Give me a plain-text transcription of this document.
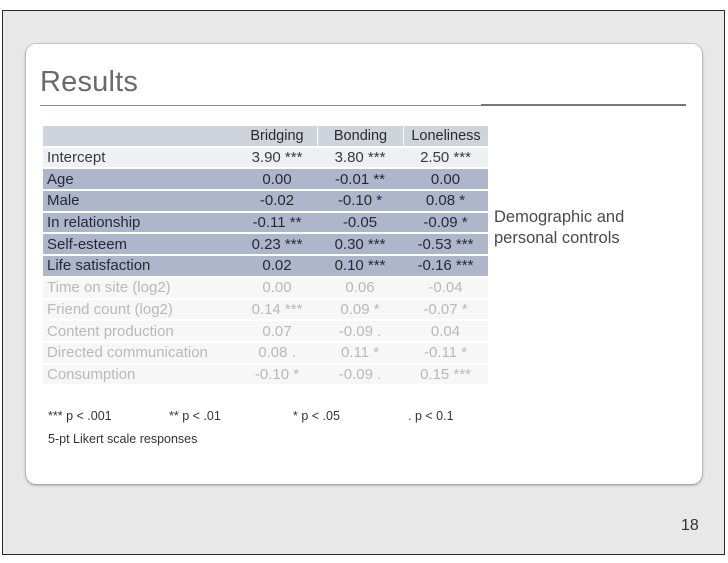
Results
	Bridging	Bonding	Loneliness
Intercept	3.90 ***	3.80 ***	2.50 ***
Age	0.00	-0.01 **	0.00
Male	-0.02	-0.10 *	0.08 *
In relationship	-0.11 **	-0.05	-0.09 *
Self-esteem	0.23 ***	0.30 ***	-0.53 ***
Life satisfaction	0.02	0.10 ***	-0.16 ***
Time on site (log2)	0.00	0.06	-0.04
Friend count (log2)	0.14 ***	0.09 *	-0.07 *
Content production	0.07	-0.09 .	0.04
Directed communication	0.08 .	0.11 *	-0.11 *
Consumption	-0.10 *	-0.09 .	0.15 ***
Demographic and
personal controls
*** p < .001	** p < .01	* p < .05	. p < 0.1
5-pt Likert scale responses
18
